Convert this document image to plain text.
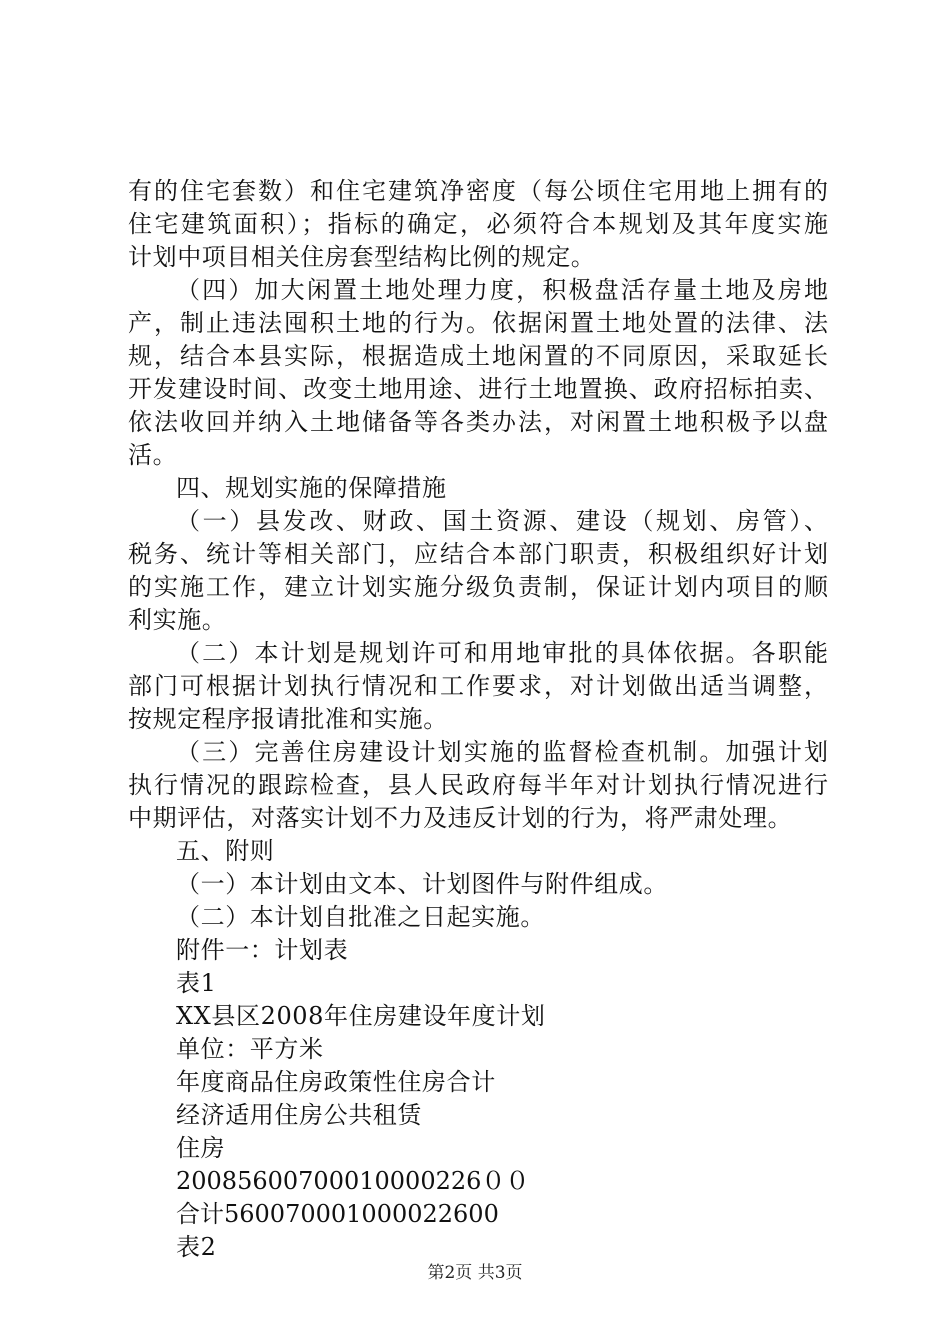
有的住宅套数）和住宅建筑净密度（每公顷住宅用地上拥有的
住宅建筑面积）；指标的确定，必须符合本规划及其年度实施
计划中项目相关住房套型结构比例的规定。
（四）加大闲置土地处理力度，积极盘活存量土地及房地
产，制止违法囤积土地的行为。依据闲置土地处置的法律、法
规，结合本县实际，根据造成土地闲置的不同原因，采取延长
开发建设时间、改变土地用途、进行土地置换、政府招标拍卖、
依法收回并纳入土地储备等各类办法，对闲置土地积极予以盘
活。
四、规划实施的保障措施
（一）县发改、财政、国土资源、建设（规划、房管）、
税务、统计等相关部门，应结合本部门职责，积极组织好计划
的实施工作，建立计划实施分级负责制，保证计划内项目的顺
利实施。
（二）本计划是规划许可和用地审批的具体依据。各职能
部门可根据计划执行情况和工作要求，对计划做出适当调整，
按规定程序报请批准和实施。
（三）完善住房建设计划实施的监督检查机制。加强计划
执行情况的跟踪检查，县人民政府每半年对计划执行情况进行
中期评估，对落实计划不力及违反计划的行为，将严肃处理。
五、附则
（一）本计划由文本、计划图件与附件组成。
（二）本计划自批准之日起实施。
附件一：计划表
表1
XX县区2008年住房建设年度计划
单位：平方米
年度商品住房政策性住房合计
经济适用住房公共租赁
住房
20085600700010000226００
合计560070001000022600
表2
第2页 共3页
